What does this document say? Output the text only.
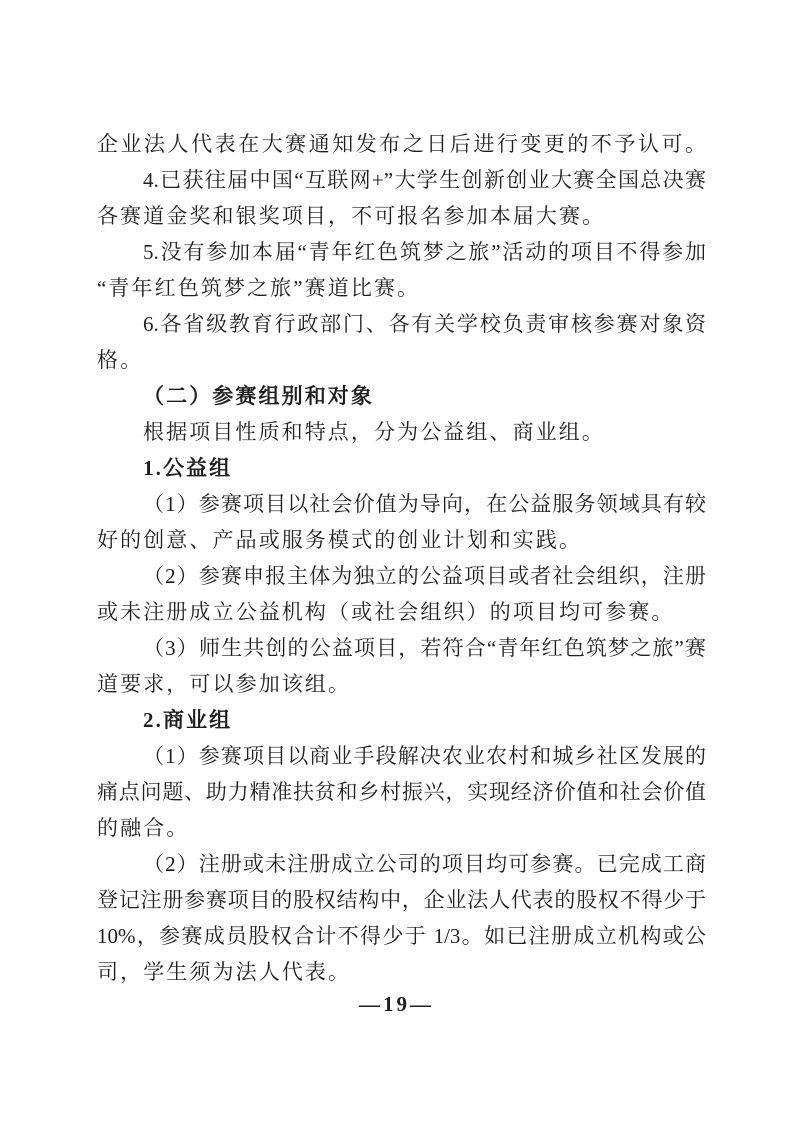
企业法人代表在大赛通知发布之日后进行变更的不予认可。
4.已获往届中国“互联网+”大学生创新创业大赛全国总决赛
各赛道金奖和银奖项目，不可报名参加本届大赛。
5.没有参加本届“青年红色筑梦之旅”活动的项目不得参加
“青年红色筑梦之旅”赛道比赛。
6.各省级教育行政部门、各有关学校负责审核参赛对象资
格。
（二）参赛组别和对象
根据项目性质和特点，分为公益组、商业组。
1.公益组
（1）参赛项目以社会价值为导向，在公益服务领域具有较
好的创意、产品或服务模式的创业计划和实践。
（2）参赛申报主体为独立的公益项目或者社会组织，注册
或未注册成立公益机构（或社会组织）的项目均可参赛。
（3）师生共创的公益项目，若符合“青年红色筑梦之旅”赛
道要求，可以参加该组。
2.商业组
（1）参赛项目以商业手段解决农业农村和城乡社区发展的
痛点问题、助力精准扶贫和乡村振兴，实现经济价值和社会价值
的融合。
（2）注册或未注册成立公司的项目均可参赛。已完成工商
登记注册参赛项目的股权结构中，企业法人代表的股权不得少于
10%，参赛成员股权合计不得少于 1/3。如已注册成立机构或公
司，学生须为法人代表。
—19—
